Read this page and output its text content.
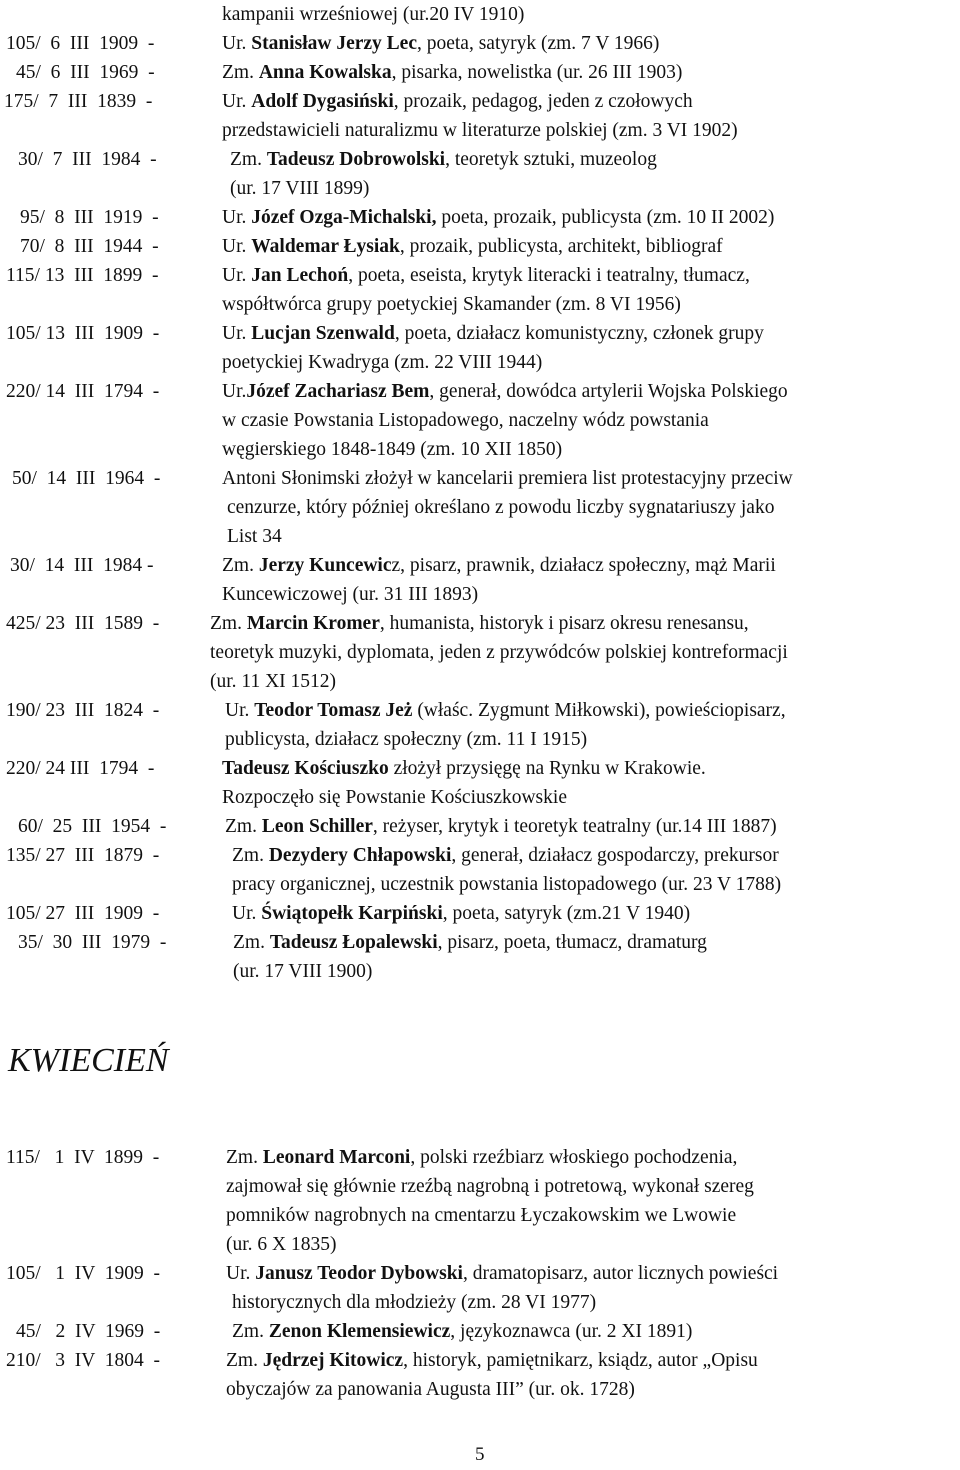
kampanii wrześniowej (ur.20 IV 1910)
105/  6  III  1909  -	Ur. Stanisław Jerzy Lec, poeta, satyryk (zm. 7 V 1966)
45/  6  III  1969  -	Zm. Anna Kowalska, pisarka, nowelistka (ur. 26 III 1903)
175/  7  III  1839  -	Ur. Adolf Dygasiński, prozaik, pedagog, jeden z czołowych
przedstawicieli naturalizmu w literaturze polskiej (zm. 3 VI 1902)
30/  7  III  1984  -	Zm. Tadeusz Dobrowolski, teoretyk sztuki, muzeolog
(ur. 17 VIII 1899)
95/  8  III  1919  -	Ur. Józef Ozga-Michalski, poeta, prozaik, publicysta (zm. 10 II 2002)
70/  8  III  1944  -	Ur. Waldemar Łysiak, prozaik, publicysta, architekt, bibliograf
115/ 13  III  1899  -	Ur. Jan Lechoń, poeta, eseista, krytyk literacki i teatralny, tłumacz,
współtwórca grupy poetyckiej Skamander (zm. 8 VI 1956)
105/ 13  III  1909  -	Ur. Lucjan Szenwald, poeta, działacz komunistyczny, członek grupy
poetyckiej Kwadryga (zm. 22 VIII 1944)
220/ 14  III  1794  -	Ur.Józef Zachariasz Bem, generał, dowódca artylerii Wojska Polskiego
w czasie Powstania Listopadowego, naczelny wódz powstania
węgierskiego 1848-1849 (zm. 10 XII 1850)
50/  14  III  1964  -	Antoni Słonimski złożył w kancelarii premiera list protestacyjny przeciw
cenzurze, który później określano z powodu liczby sygnatariuszy jako
List 34
30/  14  III  1984 -	Zm. Jerzy Kuncewicz, pisarz, prawnik, działacz społeczny, mąż Marii
Kuncewiczowej (ur. 31 III 1893)
425/ 23  III  1589  -	Zm. Marcin Kromer, humanista, historyk i pisarz okresu renesansu,
teoretyk muzyki, dyplomata, jeden z przywódców polskiej kontreformacji
(ur. 11 XI 1512)
190/ 23  III  1824  -	Ur. Teodor Tomasz Jeż (właśc. Zygmunt Miłkowski), powieściopisarz,
publicysta, działacz społeczny (zm. 11 I 1915)
220/ 24 III  1794  -	Tadeusz Kościuszko złożył przysięgę na Rynku w Krakowie.
Rozpoczęło się Powstanie Kościuszkowskie
60/  25  III  1954  -	Zm. Leon Schiller, reżyser, krytyk i teoretyk teatralny (ur.14 III 1887)
135/ 27  III  1879  -	Zm. Dezydery Chłapowski, generał, działacz gospodarczy, prekursor
pracy organicznej, uczestnik powstania listopadowego (ur. 23 V 1788)
105/ 27  III  1909  -	Ur. Świątopełk Karpiński, poeta, satyryk (zm.21 V 1940)
35/  30  III  1979  -	Zm. Tadeusz Łopalewski, pisarz, poeta, tłumacz, dramaturg
(ur. 17 VIII 1900)
KWIECIEŃ
115/   1  IV  1899  -	Zm. Leonard Marconi, polski rzeźbiarz włoskiego pochodzenia,
zajmował się głównie rzeźbą nagrobną i potretową, wykonał szereg
pomników nagrobnych na cmentarzu Łyczakowskim we Lwowie
(ur. 6 X 1835)
105/   1  IV  1909  -	Ur. Janusz Teodor Dybowski, dramatopisarz, autor licznych powieści
historycznych dla młodzieży (zm. 28 VI 1977)
45/   2  IV  1969  -	Zm. Zenon Klemensiewicz, językoznawca (ur. 2 XI 1891)
210/   3  IV  1804  -	Zm. Jędrzej Kitowicz, historyk, pamiętnikarz, ksiądz, autor „Opisu
obyczajów za panowania Augusta III” (ur. ok. 1728)
5
